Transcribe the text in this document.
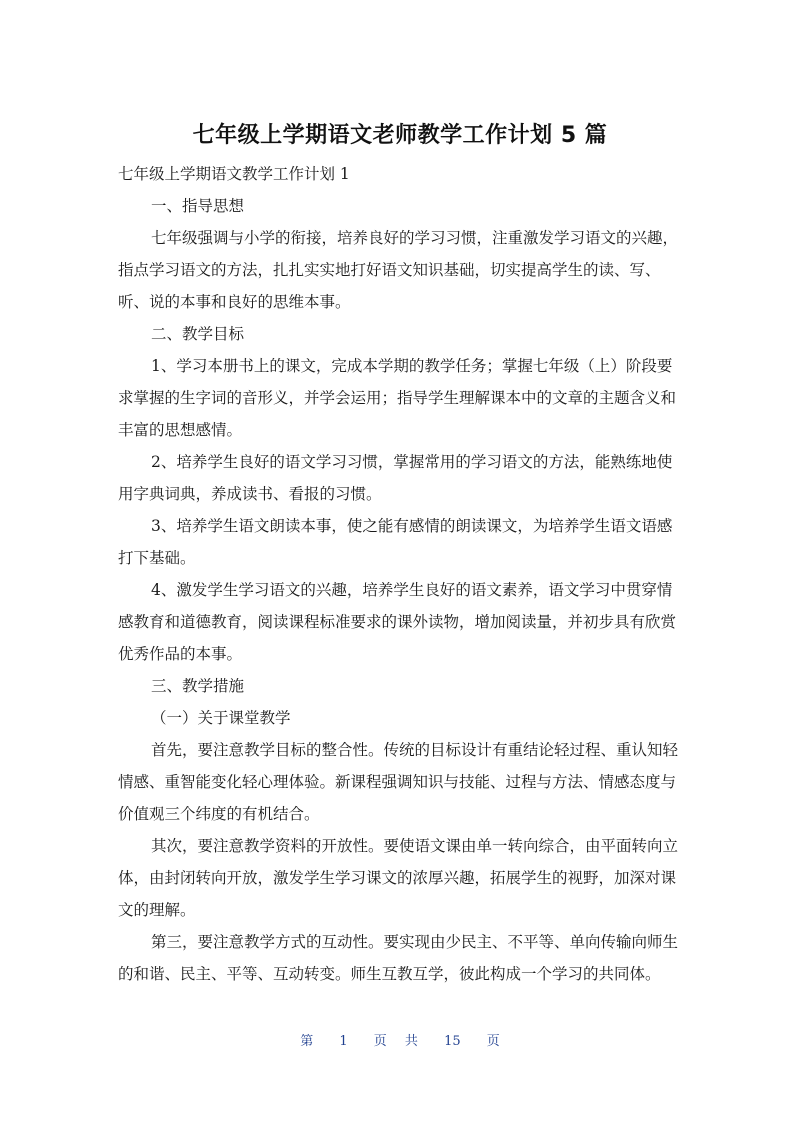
七年级上学期语文老师教学工作计划 5 篇

七年级上学期语文教学工作计划 1

一、指导思想

七年级强调与小学的衔接，培养良好的学习习惯，注重激发学习语文的兴趣，指点学习语文的方法，扎扎实实地打好语文知识基础，切实提高学生的读、写、听、说的本事和良好的思维本事。

二、教学目标

1、学习本册书上的课文，完成本学期的教学任务；掌握七年级（上）阶段要求掌握的生字词的音形义，并学会运用；指导学生理解课本中的文章的主题含义和丰富的思想感情。

2、培养学生良好的语文学习习惯，掌握常用的学习语文的方法，能熟练地使用字典词典，养成读书、看报的习惯。

3、培养学生语文朗读本事，使之能有感情的朗读课文，为培养学生语文语感打下基础。

4、激发学生学习语文的兴趣，培养学生良好的语文素养，语文学习中贯穿情感教育和道德教育，阅读课程标准要求的课外读物，增加阅读量，并初步具有欣赏优秀作品的本事。

三、教学措施

（一）关于课堂教学

首先，要注意教学目标的整合性。传统的目标设计有重结论轻过程、重认知轻情感、重智能变化轻心理体验。新课程强调知识与技能、过程与方法、情感态度与价值观三个纬度的有机结合。

其次，要注意教学资料的开放性。要使语文课由单一转向综合，由平面转向立体，由封闭转向开放，激发学生学习课文的浓厚兴趣，拓展学生的视野，加深对课文的理解。

第三，要注意教学方式的互动性。要实现由少民主、不平等、单向传输向师生的和谐、民主、平等、互动转变。师生互教互学，彼此构成一个学习的共同体。

第 1 页 共 15 页
